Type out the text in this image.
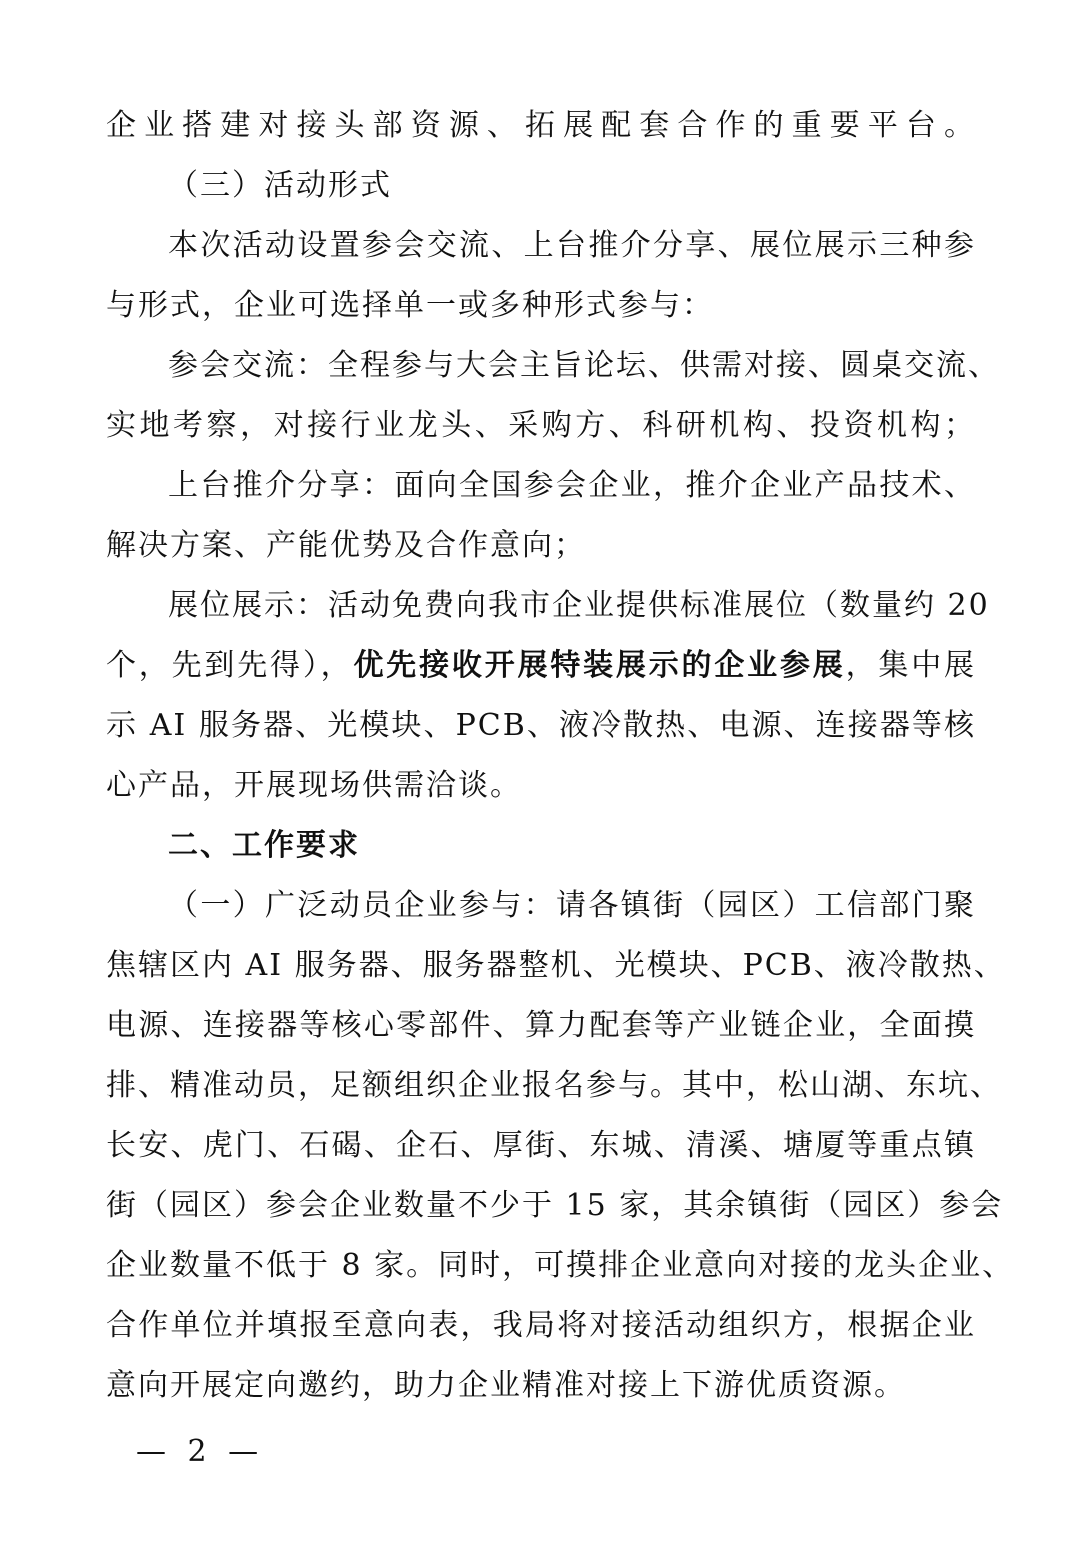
企业搭建对接头部资源、拓展配套合作的重要平台。
（三）活动形式
本次活动设置参会交流、上台推介分享、展位展示三种参
与形式，企业可选择单一或多种形式参与：
参会交流：全程参与大会主旨论坛、供需对接、圆桌交流、
实地考察，对接行业龙头、采购方、科研机构、投资机构；
上台推介分享：面向全国参会企业，推介企业产品技术、
解决方案、产能优势及合作意向；
展位展示：活动免费向我市企业提供标准展位（数量约 20
个，先到先得），优先接收开展特装展示的企业参展，集中展
示 AI 服务器、光模块、PCB、液冷散热、电源、连接器等核
心产品，开展现场供需洽谈。
二、工作要求
（一）广泛动员企业参与：请各镇街（园区）工信部门聚
焦辖区内 AI 服务器、服务器整机、光模块、PCB、液冷散热、
电源、连接器等核心零部件、算力配套等产业链企业，全面摸
排、精准动员，足额组织企业报名参与。其中，松山湖、东坑、
长安、虎门、石碣、企石、厚街、东城、清溪、塘厦等重点镇
街（园区）参会企业数量不少于 15 家，其余镇街（园区）参会
企业数量不低于 8 家。同时，可摸排企业意向对接的龙头企业、
合作单位并填报至意向表，我局将对接活动组织方，根据企业
意向开展定向邀约，助力企业精准对接上下游优质资源。
— 2 —
